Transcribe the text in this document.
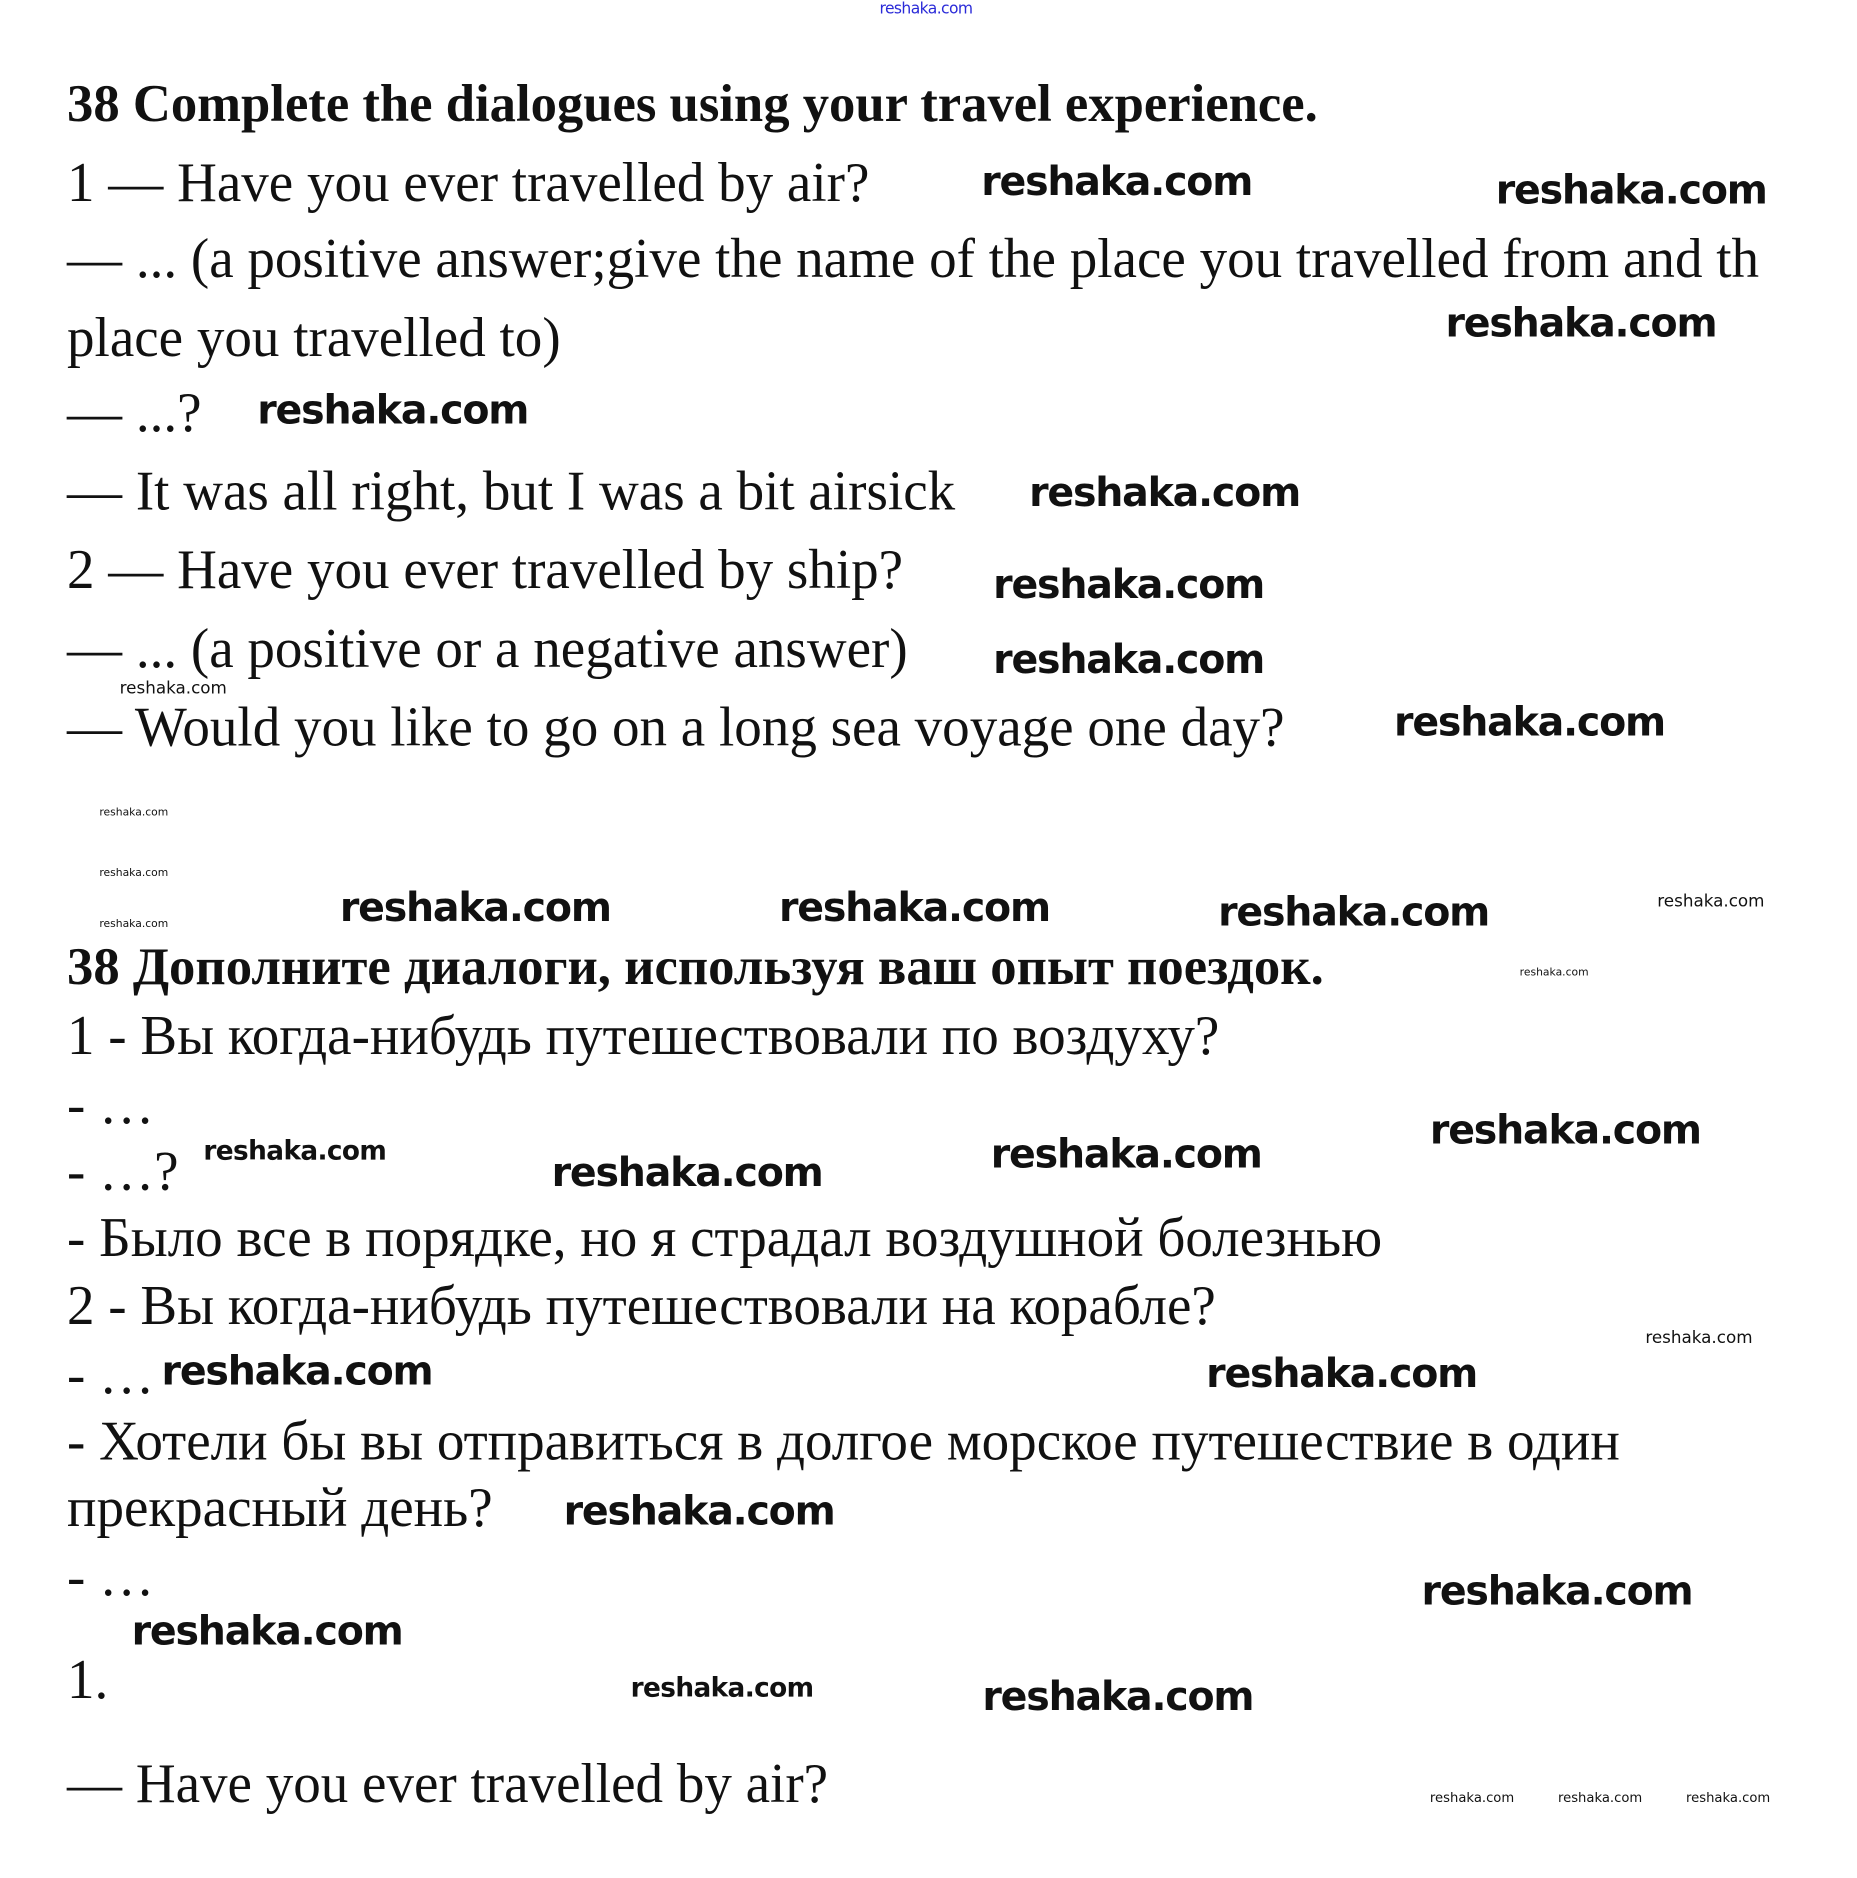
38 Complete the dialogues using your travel experience.
1 — Have you ever travelled by air?
— ... (a positive answer;give the name of the place you travelled from and th
place you travelled to)
— ...?
— It was all right, but I was a bit airsick
2 — Have you ever travelled by ship?
— ... (a positive or a negative answer)
— Would you like to go on a long sea voyage one day?
38 Дополните диалоги, используя ваш опыт поездок.
1 - Вы когда-нибудь путешествовали по воздуху?
- …
- …?
- Было все в порядке, но я страдал воздушной болезнью
2 - Вы когда-нибудь путешествовали на корабле?
- …
- Хотели бы вы отправиться в долгое морское путешествие в один
прекрасный день?
- …
1.
— Have you ever travelled by air?
reshaka.com
reshaka.com	reshaka.com
reshaka.com
reshaka.com
reshaka.com
reshaka.com
reshaka.com
reshaka.com
reshaka.com
reshaka.com
reshaka.com
reshaka.com	reshaka.com
reshaka.com	reshaka.com	reshaka.com
reshaka.com
reshaka.com
reshaka.com	reshaka.com
reshaka.com
reshaka.com
reshaka.com	reshaka.com
reshaka.com
reshaka.com
reshaka.com
reshaka.com	reshaka.com
reshaka.com	reshaka.com	reshaka.com
